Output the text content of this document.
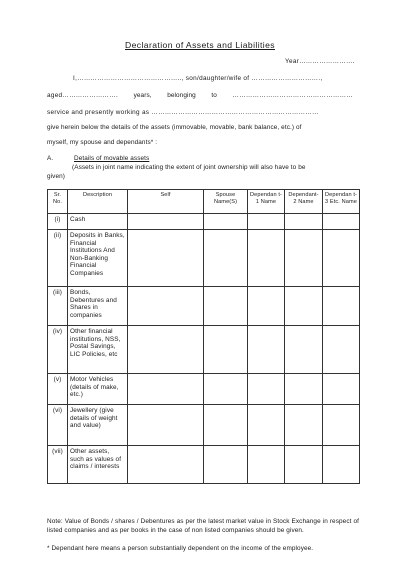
Declaration of Assets and Liabilities
Year…………………….
I,……………………………………….., son/daughter/wife of ………………………….,
aged……………………. years, belonging to ………………………………………………
service and presently working as …………………………………………………………………
give herein below the details of the assets (immovable, movable, bank balance, etc.) of
myself, my spouse and dependants* :
A.	Details of movable assets
(Assets in joint name indicating the extent of joint ownership will also have to be
given)
Sr. No.	Description	Self	Spouse Name(S)	Dependan t-1 Name	Dependant-2 Name	Dependan t-3 Etc. Name
(i)	Cash					
(ii)	Deposits in Banks, Financial Institutions And Non-Banking Financial Companies					
(iii)	Bonds, Debentures and Shares in companies					
(iv)	Other financial institutions, NSS, Postal Savings, LIC Policies, etc					
(v)	Motor Vehicles (details of make, etc.)					
(vi)	Jewellery (give details of weight and value)					
(vii)	Other assets, such as values of claims / interests					
Note: Value of Bonds / shares / Debentures as per the latest market value in Stock Exchange in respect of listed companies and as per books in the case of non listed companies should be given.
* Dependant here means a person substantially dependent on the income of the employee.
